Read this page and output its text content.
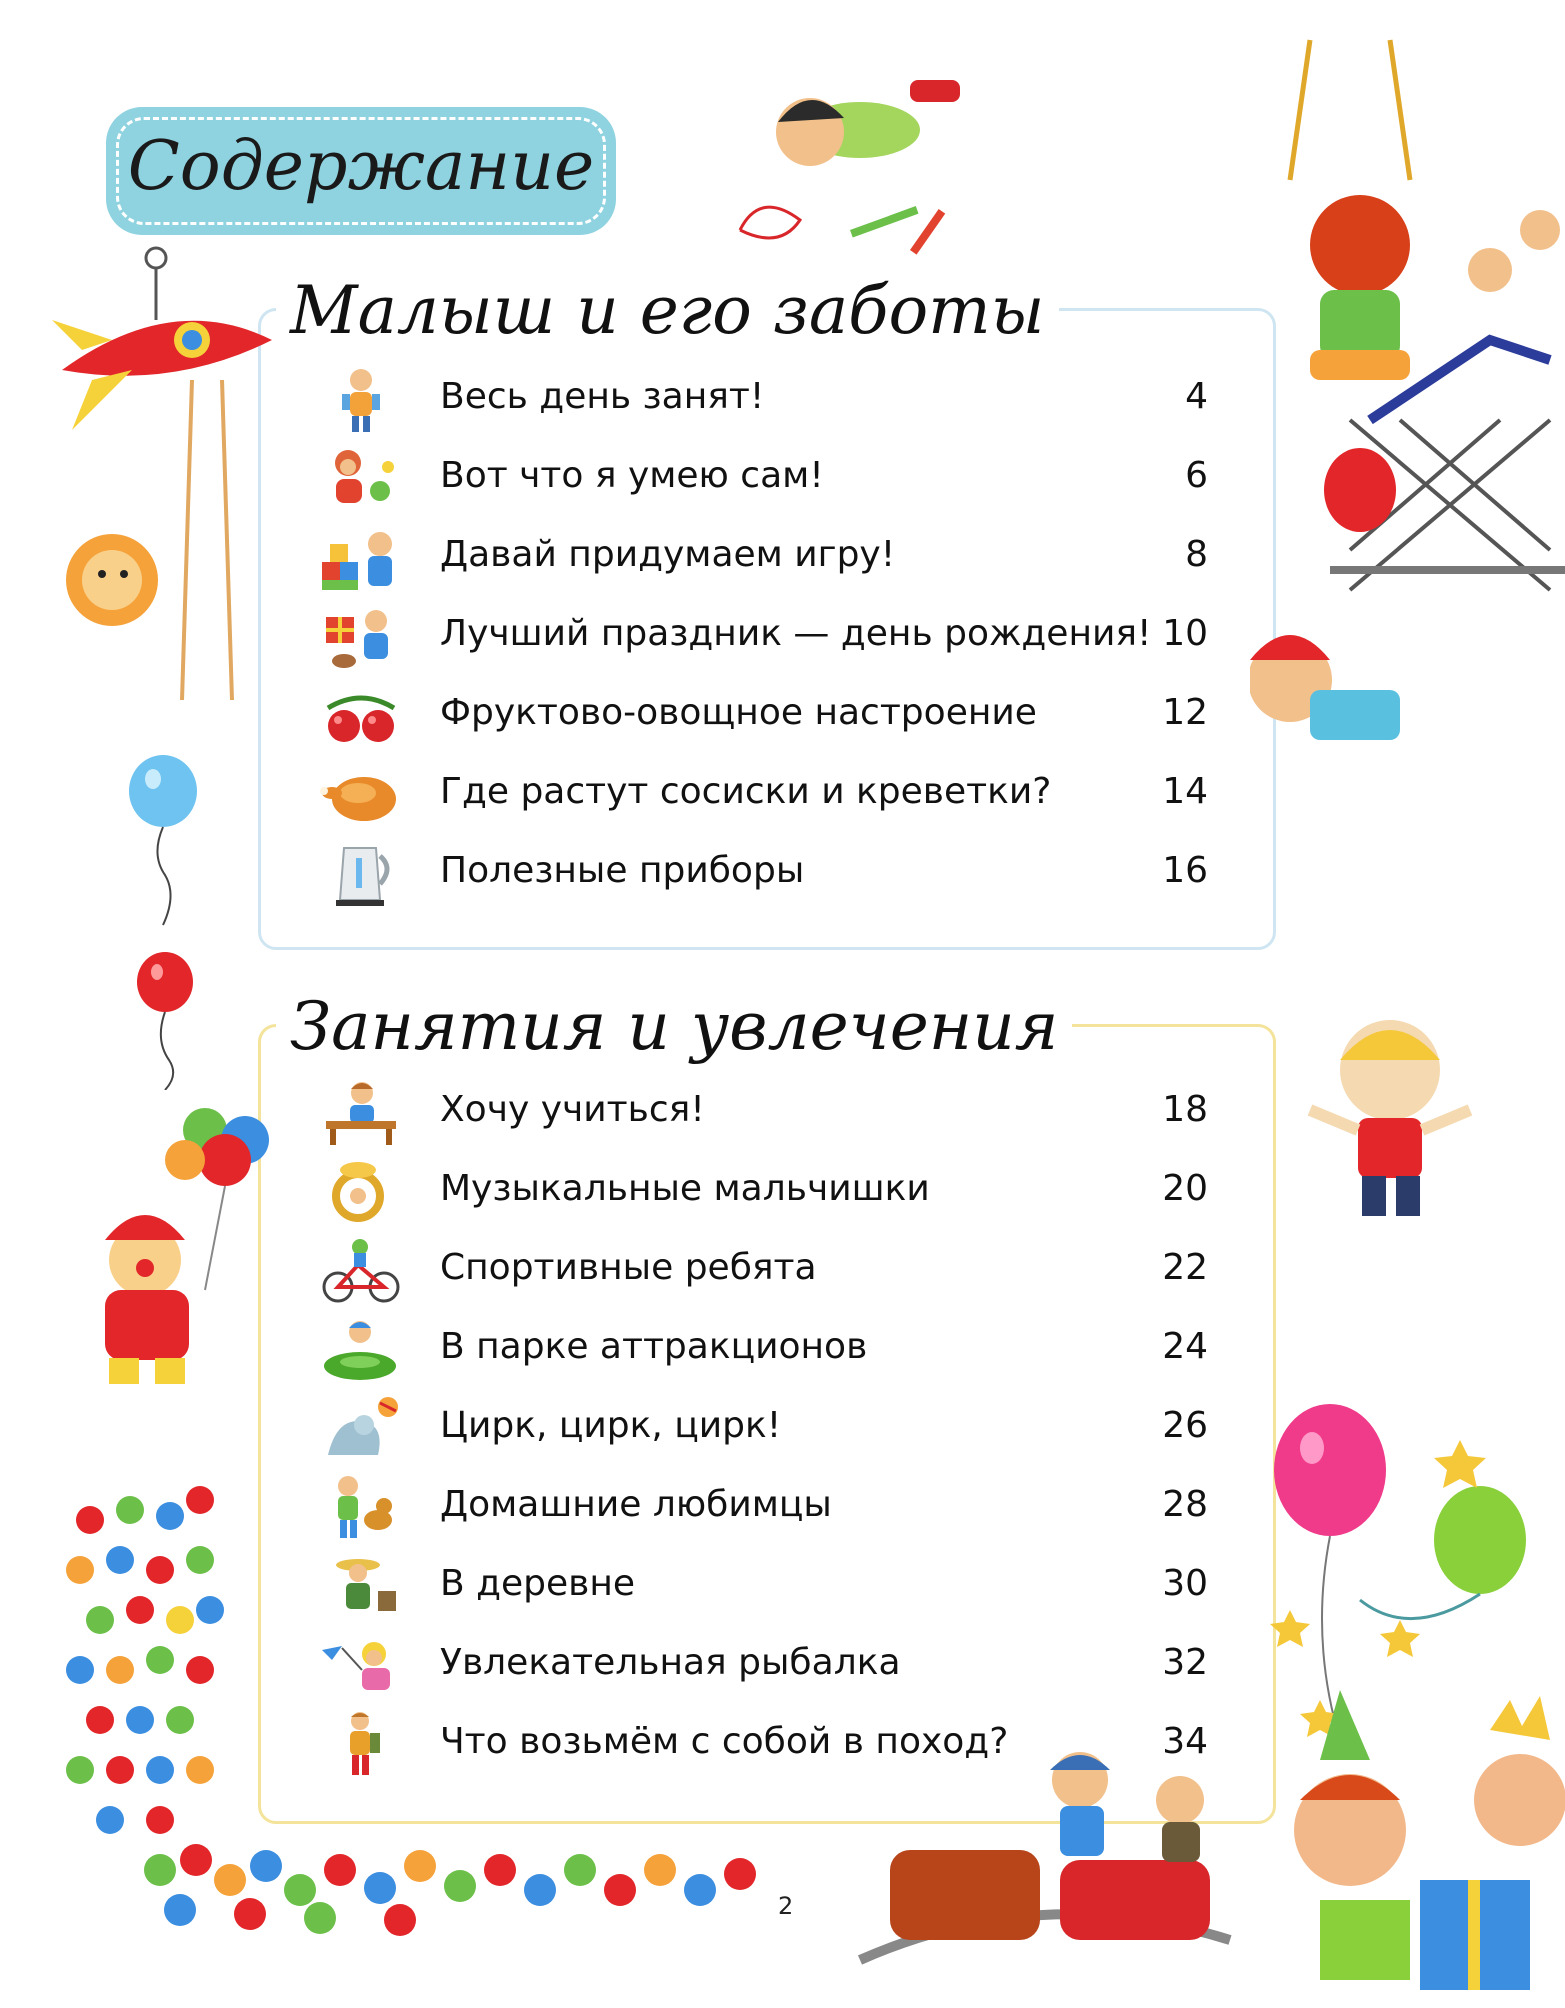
Содержание
Малыш и его заботы
Занятия и увлечения
Весь день занят!	4
Вот что я умею сам!	6
Давай придумаем игру!	8
Лучший праздник — день рождения! 10
Фруктово-овощное настроение	12
Где растут сосиски и креветки?	14
Полезные приборы	16
Хочу учиться!	18
Музыкальные мальчишки	20
Спортивные ребята	22
В парке аттракционов	24
Цирк, цирк, цирк!	26
Домашние любимцы	28
В деревне	30
Увлекательная рыбалка	32
Что возьмём с собой в поход?	34
2
